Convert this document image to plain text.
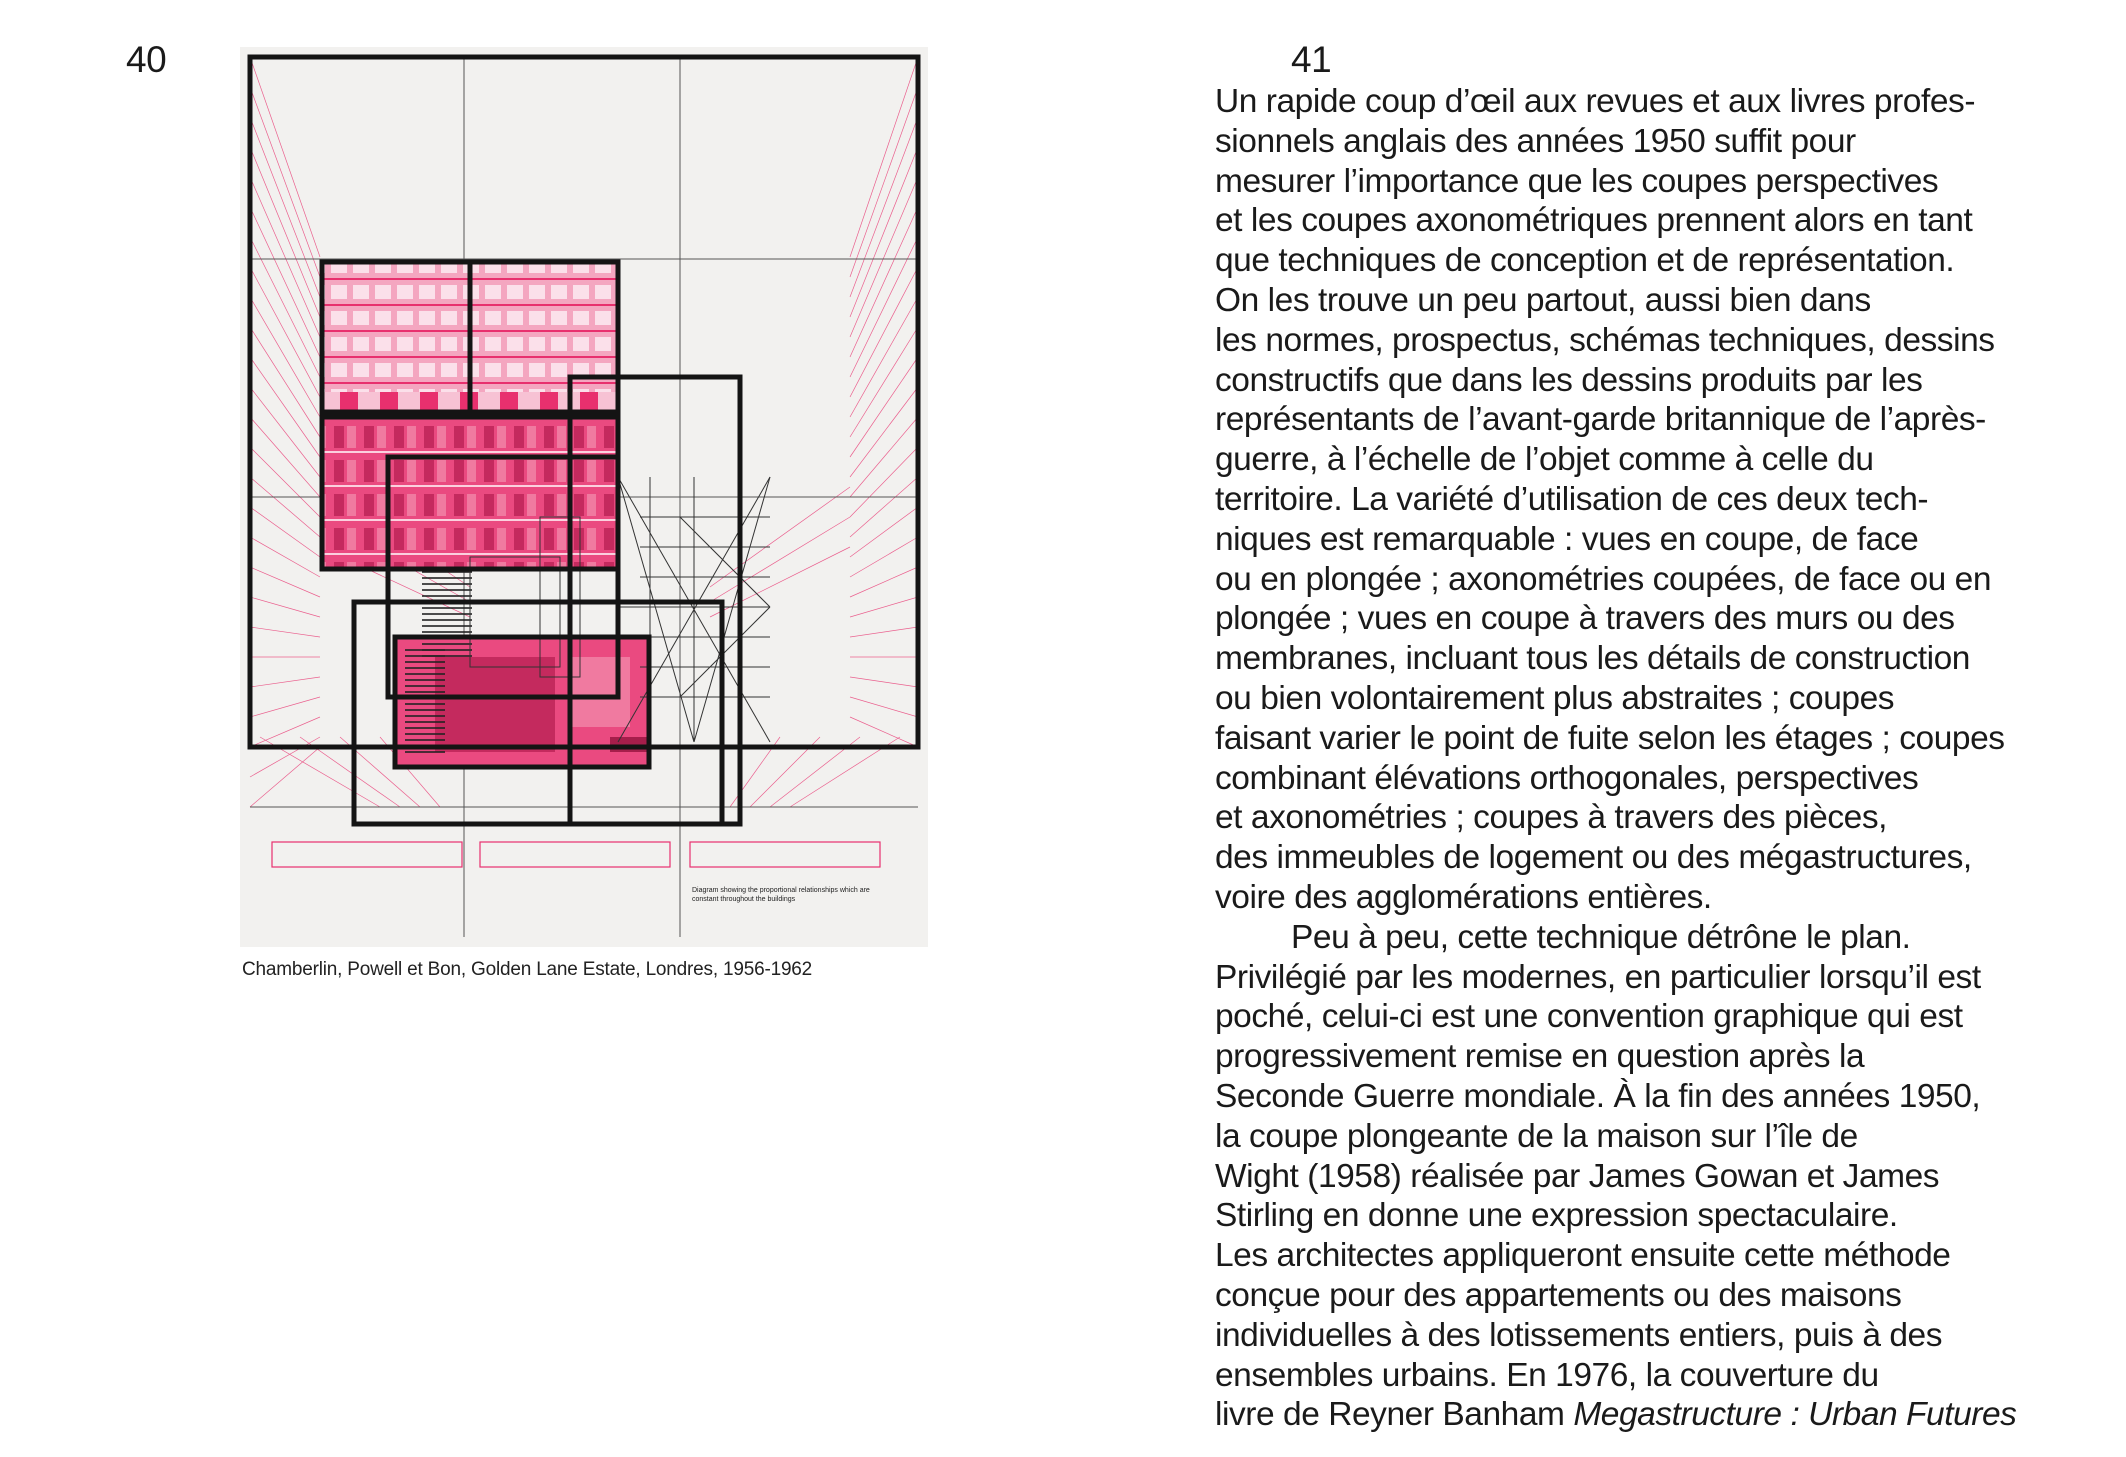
40
Diagram showing the proportional relationships which are
constant throughout the buildings
Chamberlin, Powell et Bon, Golden Lane Estate, Londres, 1956-1962
41
Un rapide coup d’œil aux revues et aux livres profes-
sionnels anglais des années 1950 suffit pour
mesurer l’importance que les coupes perspectives
et les coupes axonométriques prennent alors en tant
que techniques de conception et de représentation.
On les trouve un peu partout, aussi bien dans
les normes, prospectus, schémas techniques, dessins
constructifs que dans les dessins produits par les
représentants de l’avant-garde britannique de l’après-
guerre, à l’échelle de l’objet comme à celle du
territoire. La variété d’utilisation de ces deux tech-
niques est remarquable : vues en coupe, de face
ou en plongée ; axonométries coupées, de face ou en
plongée ; vues en coupe à travers des murs ou des
membranes, incluant tous les détails de construction
ou bien volontairement plus abstraites ; coupes
faisant varier le point de fuite selon les étages ; coupes
combinant élévations orthogonales, perspectives
et axonométries ; coupes à travers des pièces,
des immeubles de logement ou des mégastructures,
voire des agglomérations entières.
Peu à peu, cette technique détrône le plan.
Privilégié par les modernes, en particulier lorsqu’il est
poché, celui-ci est une convention graphique qui est
progressivement remise en question après la
Seconde Guerre mondiale. À la fin des années 1950,
la coupe plongeante de la maison sur l’île de
Wight (1958) réalisée par James Gowan et James
Stirling en donne une expression spectaculaire.
Les architectes appliqueront ensuite cette méthode
conçue pour des appartements ou des maisons
individuelles à des lotissements entiers, puis à des
ensembles urbains. En 1976, la couverture du
livre de Reyner Banham Megastructure : Urban Futures
